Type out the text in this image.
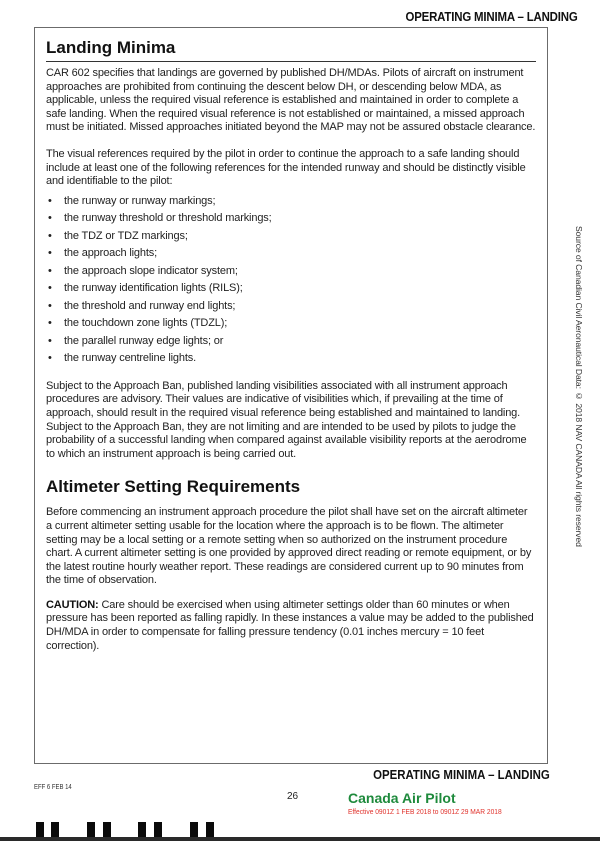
OPERATING MINIMA – LANDING
Landing Minima

CAR 602 specifies that landings are governed by published DH/MDAs. Pilots of aircraft on instrument approaches are prohibited from continuing the descent below DH, or descending below MDA, as applicable, unless the required visual reference is established and maintained in order to complete a safe landing. When the required visual reference is not established or maintained, a missed approach must be initiated. Missed approaches initiated beyond the MAP may not be assured obstacle clearance.

The visual references required by the pilot in order to continue the approach to a safe landing should include at least one of the following references for the intended runway and should be distinctly visible and identifiable to the pilot:

• the runway or runway markings;
• the runway threshold or threshold markings;
• the TDZ or TDZ markings;
• the approach lights;
• the approach slope indicator system;
• the runway identification lights (RILS);
• the threshold and runway end lights;
• the touchdown zone lights (TDZL);
• the parallel runway edge lights; or
• the runway centreline lights.

Subject to the Approach Ban, published landing visibilities associated with all instrument approach procedures are advisory. Their values are indicative of visibilities which, if prevailing at the time of approach, should result in the required visual reference being established and maintained to landing. Subject to the Approach Ban, they are not limiting and are intended to be used by pilots to judge the probability of a successful landing when compared against available visibility reports at the aerodrome to which an instrument approach is being carried out.

Altimeter Setting Requirements

Before commencing an instrument approach procedure the pilot shall have set on the aircraft altimeter a current altimeter setting usable for the location where the approach is to be flown. The altimeter setting may be a local setting or a remote setting when so authorized on the instrument procedure chart. A current altimeter setting is one provided by approved direct reading or remote equipment, or by the latest routine hourly weather report. These readings are considered current up to 90 minutes from the time of observation.

CAUTION: Care should be exercised when using altimeter settings older than 60 minutes or when pressure has been reported as falling rapidly. In these instances a value may be added to the published DH/MDA in order to compensate for falling pressure tendency (0.01 inches mercury = 10 feet correction).

Source of Canadian Civil Aeronautical Data: © 2018 NAV CANADA All rights reserved
OPERATING MINIMA – LANDING
EFF 6 FEB 14
26	Canada Air Pilot
Effective 0901Z 1 FEB 2018 to 0901Z 29 MAR 2018
